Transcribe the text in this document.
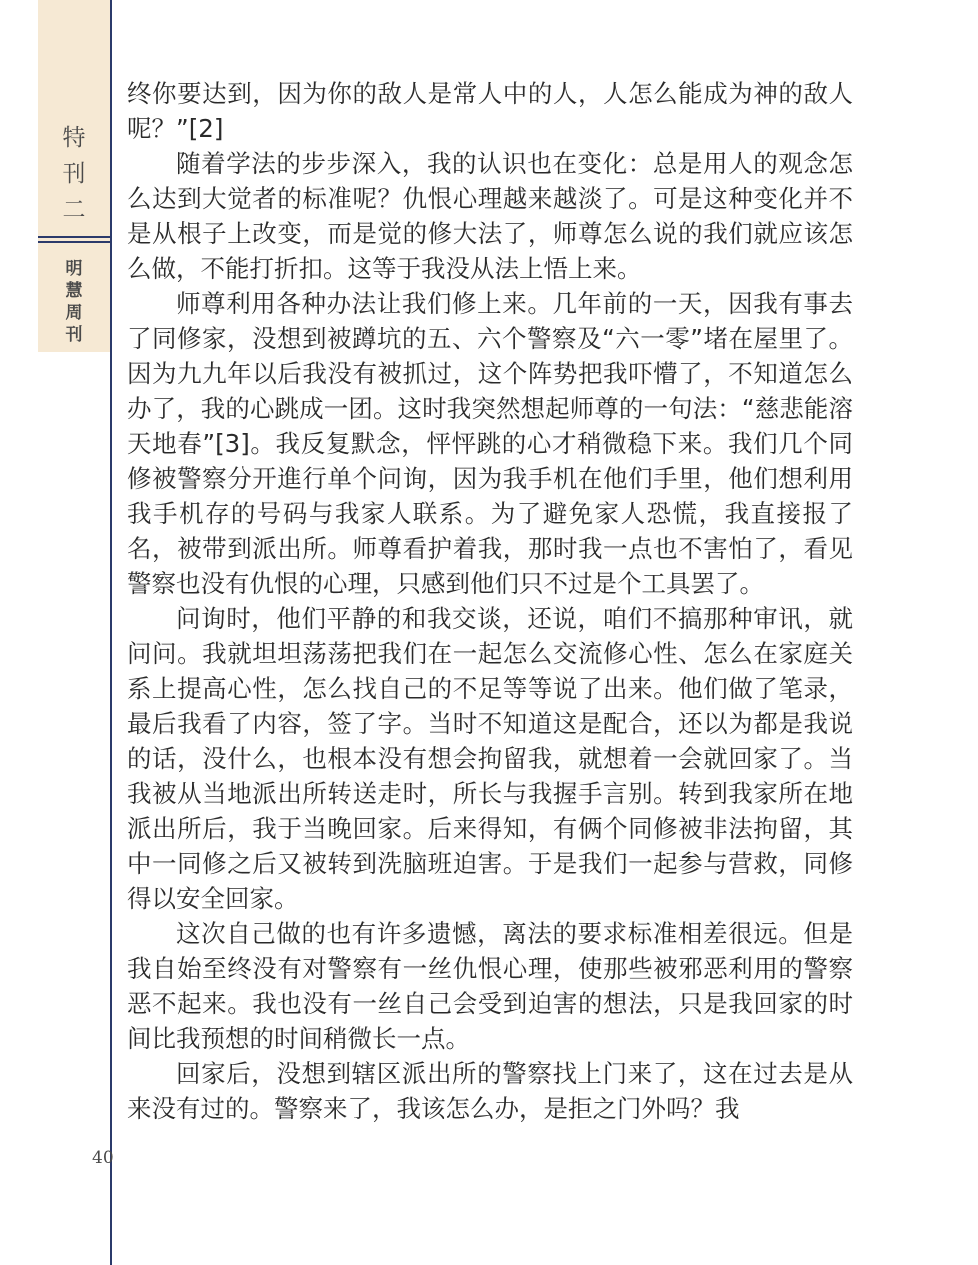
特
刊
二
明
慧
周
刊

终你要达到，因为你的敌人是常人中的人，人怎么能成为神的敌人呢？”[2]

随着学法的步步深入，我的认识也在变化：总是用人的观念怎么达到大觉者的标准呢？仇恨心理越来越淡了。可是这种变化并不是从根子上改变，而是觉的修大法了，师尊怎么说的我们就应该怎么做，不能打折扣。这等于我没从法上悟上来。

师尊利用各种办法让我们修上来。几年前的一天，因我有事去了同修家，没想到被蹲坑的五、六个警察及“六一零”堵在屋里了。因为九九年以后我没有被抓过，这个阵势把我吓懵了，不知道怎么办了，我的心跳成一团。这时我突然想起师尊的一句法：“慈悲能溶天地春”[3]。我反复默念，怦怦跳的心才稍微稳下来。我们几个同修被警察分开進行单个问询，因为我手机在他们手里，他们想利用我手机存的号码与我家人联系。为了避免家人恐慌，我直接报了名，被带到派出所。师尊看护着我，那时我一点也不害怕了，看见警察也没有仇恨的心理，只感到他们只不过是个工具罢了。

问询时，他们平静的和我交谈，还说，咱们不搞那种审讯，就问问。我就坦坦荡荡把我们在一起怎么交流修心性、怎么在家庭关系上提高心性，怎么找自己的不足等等说了出来。他们做了笔录，最后我看了内容，签了字。当时不知道这是配合，还以为都是我说的话，没什么，也根本没有想会拘留我，就想着一会就回家了。当我被从当地派出所转送走时，所长与我握手言别。转到我家所在地派出所后，我于当晚回家。后来得知，有俩个同修被非法拘留，其中一同修之后又被转到洗脑班迫害。于是我们一起参与营救，同修得以安全回家。

这次自己做的也有许多遗憾，离法的要求标准相差很远。但是我自始至终没有对警察有一丝仇恨心理，使那些被邪恶利用的警察恶不起来。我也没有一丝自己会受到迫害的想法，只是我回家的时间比我预想的时间稍微长一点。

回家后，没想到辖区派出所的警察找上门来了，这在过去是从来没有过的。警察来了，我该怎么办，是拒之门外吗？我

40
